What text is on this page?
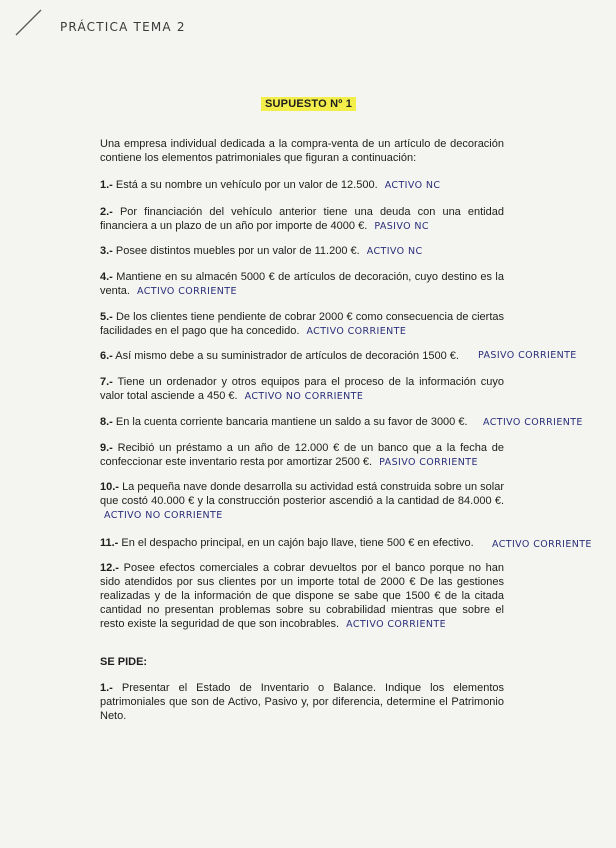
PRÁCTICA TEMA 2
SUPUESTO Nº 1
Una empresa individual dedicada a la compra-venta de un artículo de decoración contiene los elementos patrimoniales que figuran a continuación:
1.- Está a su nombre un vehículo por un valor de 12.500. ACTIVO NC
2.- Por financiación del vehículo anterior tiene una deuda con una entidad financiera a un plazo de un año por importe de 4000 €. PASIVO NC
3.- Posee distintos muebles por un valor de 11.200 €. ACTIVO NC
4.- Mantiene en su almacén 5000 € de artículos de decoración, cuyo destino es la venta. ACTIVO CORRIENTE
5.- De los clientes tiene pendiente de cobrar 2000 € como consecuencia de ciertas facilidades en el pago que ha concedido. ACTIVO CORRIENTE
6.- Así mismo debe a su suministrador de artículos de decoración 1500 €.	PASIVO CORRIENTE
7.- Tiene un ordenador y otros equipos para el proceso de la información cuyo valor total asciende a 450 €. ACTIVO NO CORRIENTE
8.- En la cuenta corriente bancaria mantiene un saldo a su favor de 3000 €.	ACTIVO CORRIENTE
9.- Recibió un préstamo a un año de 12.000 € de un banco que a la fecha de confeccionar este inventario resta por amortizar 2500 €. PASIVO CORRIENTE
10.- La pequeña nave donde desarrolla su actividad está construida sobre un solar que costó 40.000 € y la construcción posterior ascendió a la cantidad de 84.000 €. ACTIVO NO CORRIENTE
11.- En el despacho principal, en un cajón bajo llave, tiene 500 € en efectivo.	ACTIVO CORRIENTE
12.- Posee efectos comerciales a cobrar devueltos por el banco porque no han sido atendidos por sus clientes por un importe total de 2000 € De las gestiones realizadas y de la información de que dispone se sabe que 1500 € de la citada cantidad no presentan problemas sobre su cobrabilidad mientras que sobre el resto existe la seguridad de que son incobrables. ACTIVO CORRIENTE
SE PIDE:
1.- Presentar el Estado de Inventario o Balance. Indique los elementos patrimoniales que son de Activo, Pasivo y, por diferencia, determine el Patrimonio Neto.
